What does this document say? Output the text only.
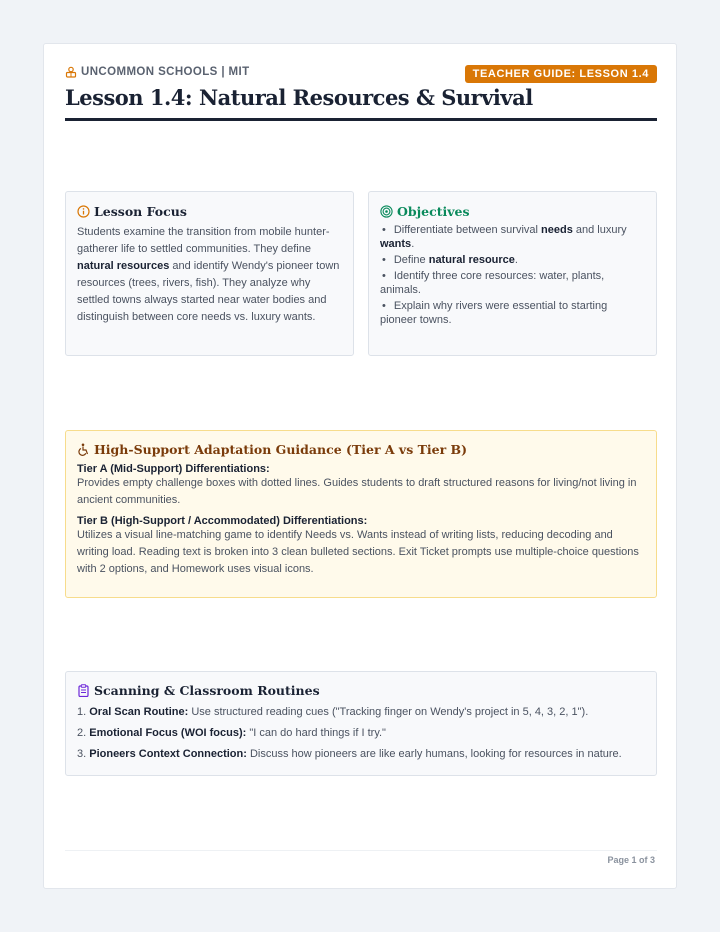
UNCOMMON SCHOOLS | MIT	TEACHER GUIDE: LESSON 1.4
Lesson 1.4: Natural Resources & Survival
Lesson Focus

Students examine the transition from mobile hunter-gatherer life to settled communities. They define natural resources and identify Wendy's pioneer town resources (trees, rivers, fish). They analyze why settled towns always started near water bodies and distinguish between core needs vs. luxury wants.

Objectives
• Differentiate between survival needs and luxury wants.
• Define natural resource.
• Identify three core resources: water, plants, animals.
• Explain why rivers were essential to starting pioneer towns.
High-Support Adaptation Guidance (Tier A vs Tier B)
Tier A (Mid-Support) Differentiations:

Provides empty challenge boxes with dotted lines. Guides students to draft structured reasons for living/not living in ancient communities.

Tier B (High-Support / Accommodated) Differentiations:

Utilizes a visual line-matching game to identify Needs vs. Wants instead of writing lists, reducing decoding and writing load. Reading text is broken into 3 clean bulleted sections. Exit Ticket prompts use multiple-choice questions with 2 options, and Homework uses visual icons.

Scanning & Classroom Routines

1. Oral Scan Routine: Use structured reading cues ("Tracking finger on Wendy's project in 5, 4, 3, 2, 1").

2. Emotional Focus (WOI focus): "I can do hard things if I try."

3. Pioneers Context Connection: Discuss how pioneers are like early humans, looking for resources in nature.

Page 1 of 3
